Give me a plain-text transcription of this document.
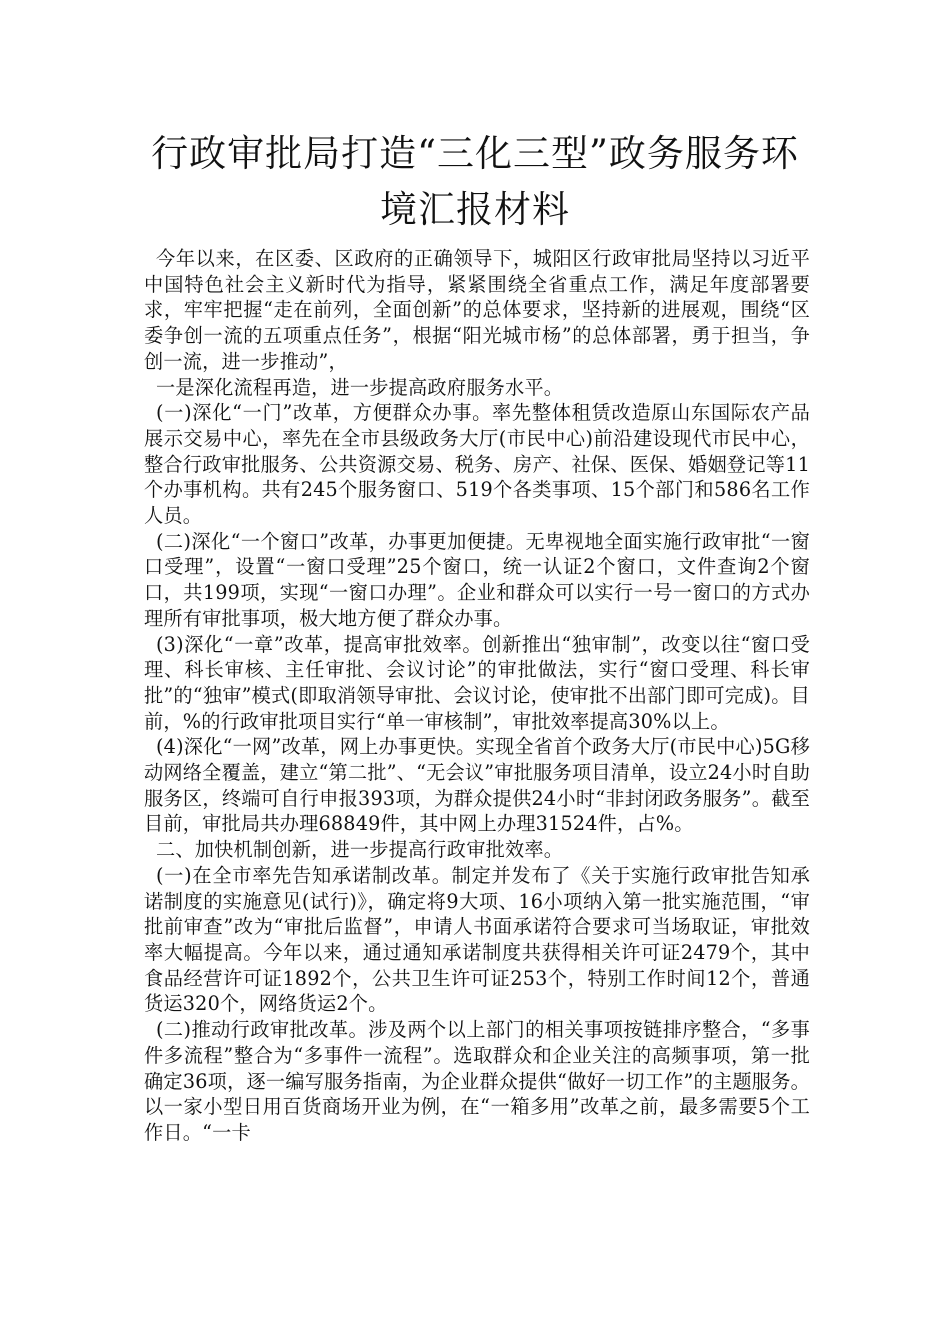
行政审批局打造“三化三型”政务服务环
境汇报材料

今年以来，在区委、区政府的正确领导下，城阳区行政审批局坚持以习近平中国特色社会主义新时代为指导，紧紧围绕全省重点工作，满足年度部署要求，牢牢把握“走在前列，全面创新”的总体要求，坚持新的进展观，围绕“区委争创一流的五项重点任务”，根据“阳光城市杨”的总体部署，勇于担当，争创一流，进一步推动”，

一是深化流程再造，进一步提高政府服务水平。

(一)深化“一门”改革，方便群众办事。率先整体租赁改造原山东国际农产品展示交易中心，率先在全市县级政务大厅(市民中心)前沿建设现代市民中心，整合行政审批服务、公共资源交易、税务、房产、社保、医保、婚姻登记等11个办事机构。共有245个服务窗口、519个各类事项、15个部门和586名工作人员。

(二)深化“一个窗口”改革，办事更加便捷。无卑视地全面实施行政审批“一窗口受理”，设置“一窗口受理”25个窗口，统一认证2个窗口，文件查询2个窗口，共199项，实现“一窗口办理”。企业和群众可以实行一号一窗口的方式办理所有审批事项，极大地方便了群众办事。

(3)深化“一章”改革，提高审批效率。创新推出“独审制”，改变以往“窗口受理、科长审核、主任审批、会议讨论”的审批做法，实行“窗口受理、科长审批”的“独审”模式(即取消领导审批、会议讨论，使审批不出部门即可完成)。目前，%的行政审批项目实行“单一审核制”，审批效率提高30%以上。

(4)深化“一网”改革，网上办事更快。实现全省首个政务大厅(市民中心)5G移动网络全覆盖，建立“第二批”、“无会议”审批服务项目清单，设立24小时自助服务区，终端可自行申报393项，为群众提供24小时“非封闭政务服务”。截至目前，审批局共办理68849件，其中网上办理31524件，占%。

二、加快机制创新，进一步提高行政审批效率。

(一)在全市率先告知承诺制改革。制定并发布了《关于实施行政审批告知承诺制度的实施意见(试行)》，确定将9大项、16小项纳入第一批实施范围，“审批前审查”改为“审批后监督”，申请人书面承诺符合要求可当场取证，审批效率大幅提高。今年以来，通过通知承诺制度共获得相关许可证2479个，其中食品经营许可证1892个，公共卫生许可证253个，特别工作时间12个，普通货运320个，网络货运2个。

(二)推动行政审批改革。涉及两个以上部门的相关事项按链排序整合，“多事件多流程”整合为“多事件一流程”。选取群众和企业关注的高频事项，第一批确定36项，逐一编写服务指南，为企业群众提供“做好一切工作”的主题服务。以一家小型日用百货商场开业为例，在“一箱多用”改革之前，最多需要5个工作日。“一卡
